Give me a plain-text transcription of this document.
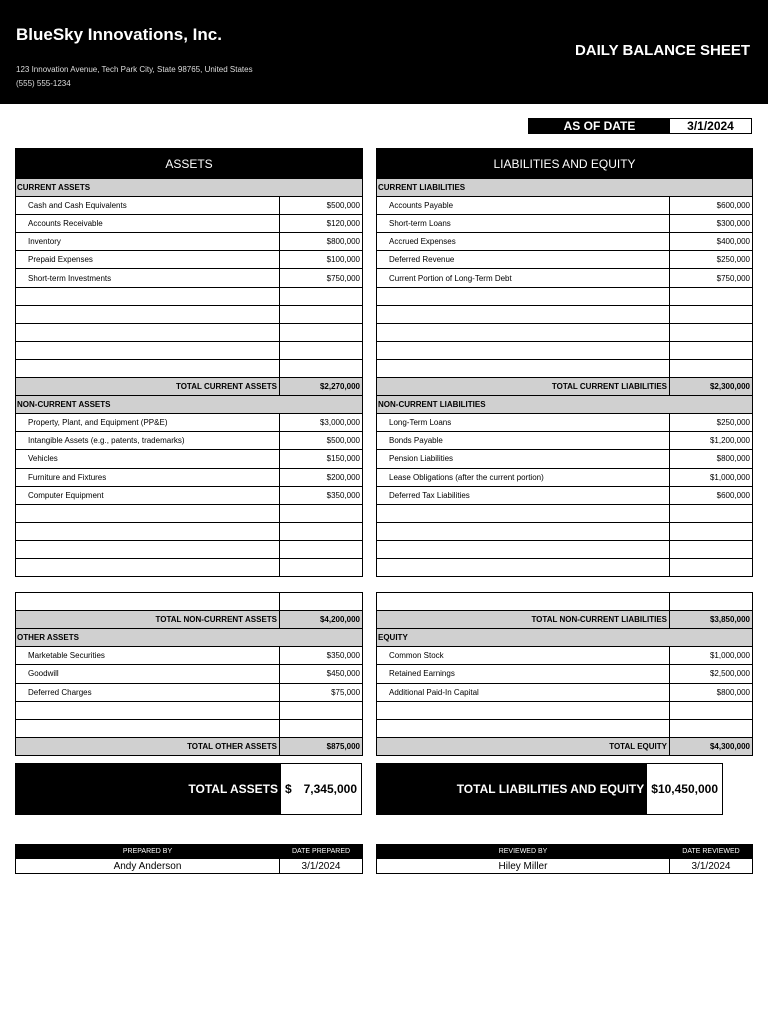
BlueSky Innovations, Inc.
123 Innovation Avenue, Tech Park City, State 98765, United States
(555) 555-1234
DAILY BALANCE SHEET
AS OF DATE	3/1/2024
ASSETS	
CURRENT ASSETS	
Cash and Cash Equivalents	$500,000
Accounts Receivable	$120,000
Inventory	$800,000
Prepaid Expenses	$100,000
Short-term Investments	$750,000

TOTAL CURRENT ASSETS	$2,270,000
NON-CURRENT ASSETS	
Property, Plant, and Equipment (PP&E)	$3,000,000
Intangible Assets (e.g., patents, trademarks)	$500,000
Vehicles	$150,000
Furniture and Fixtures	$200,000
Computer Equipment	$350,000

TOTAL NON-CURRENT ASSETS	$4,200,000
OTHER ASSETS	
Marketable Securities	$350,000
Goodwill	$450,000
Deferred Charges	$75,000

TOTAL OTHER ASSETS	$875,000
LIABILITIES AND EQUITY	
CURRENT LIABILITIES	
Accounts Payable	$600,000
Short-term Loans	$300,000
Accrued Expenses	$400,000
Deferred Revenue	$250,000
Current Portion of Long-Term Debt	$750,000

TOTAL CURRENT LIABILITIES	$2,300,000
NON-CURRENT LIABILITIES	
Long-Term Loans	$250,000
Bonds Payable	$1,200,000
Pension Liabilities	$800,000
Lease Obligations (after the current portion)	$1,000,000
Deferred Tax Liabilities	$600,000

TOTAL NON-CURRENT LIABILITIES	$3,850,000
EQUITY	
Common Stock	$1,000,000
Retained Earnings	$2,500,000
Additional Paid-In Capital	$800,000

TOTAL EQUITY	$4,300,000
TOTAL ASSETS $ 7,345,000	TOTAL LIABILITIES AND EQUITY $ 10,450,000
PREPARED BY	DATE PREPARED
Andy Anderson	3/1/2024
REVIEWED BY	DATE REVIEWED
Hiley Miller	3/1/2024
